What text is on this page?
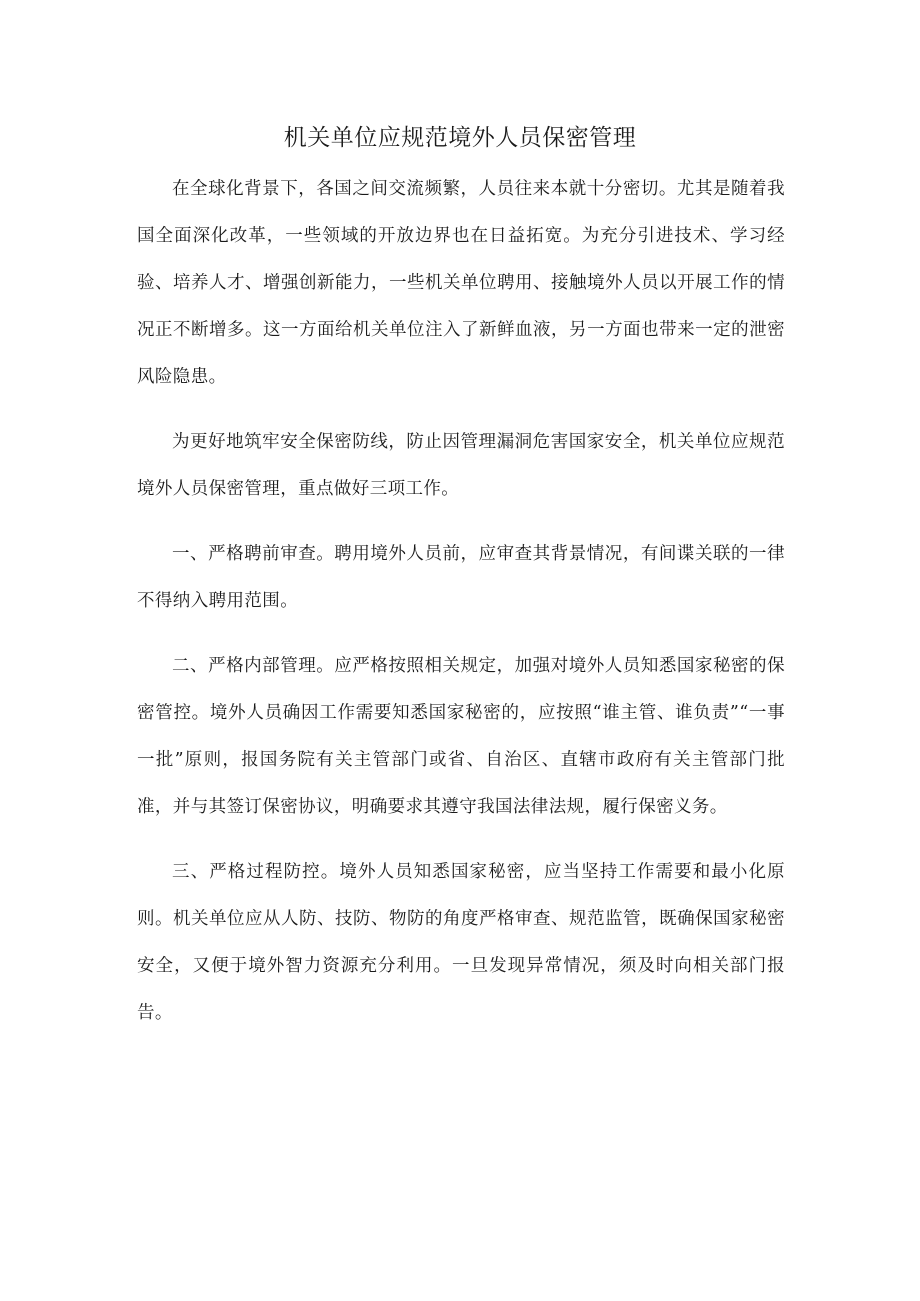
机关单位应规范境外人员保密管理

在全球化背景下，各国之间交流频繁，人员往来本就十分密切。尤其是随着我国全面深化改革，一些领域的开放边界也在日益拓宽。为充分引进技术、学习经验、培养人才、增强创新能力，一些机关单位聘用、接触境外人员以开展工作的情况正不断增多。这一方面给机关单位注入了新鲜血液，另一方面也带来一定的泄密风险隐患。

为更好地筑牢安全保密防线，防止因管理漏洞危害国家安全，机关单位应规范境外人员保密管理，重点做好三项工作。

一、严格聘前审查。聘用境外人员前，应审查其背景情况，有间谍关联的一律不得纳入聘用范围。

二、严格内部管理。应严格按照相关规定，加强对境外人员知悉国家秘密的保密管控。境外人员确因工作需要知悉国家秘密的，应按照“谁主管、谁负责”“一事一批”原则，报国务院有关主管部门或省、自治区、直辖市政府有关主管部门批准，并与其签订保密协议，明确要求其遵守我国法律法规，履行保密义务。

三、严格过程防控。境外人员知悉国家秘密，应当坚持工作需要和最小化原则。机关单位应从人防、技防、物防的角度严格审查、规范监管，既确保国家秘密安全，又便于境外智力资源充分利用。一旦发现异常情况，须及时向相关部门报告。
